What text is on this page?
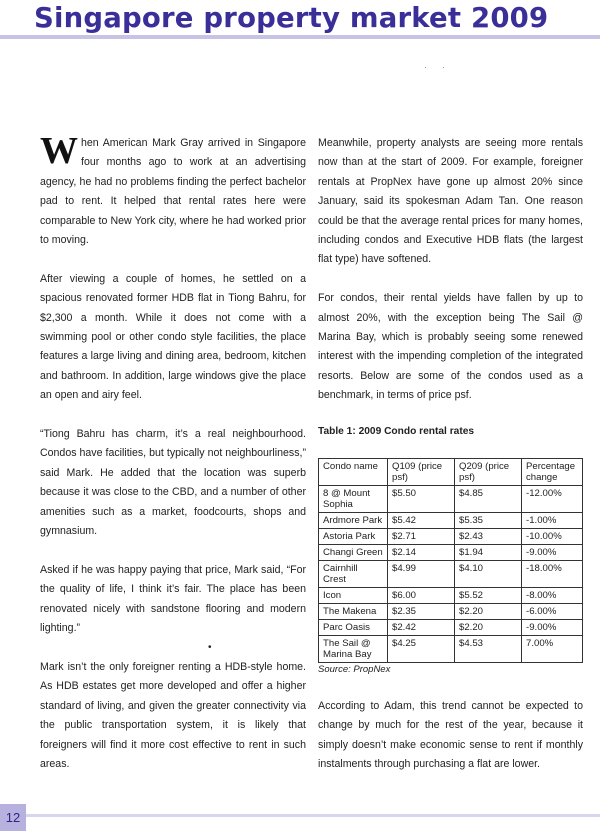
Singapore property market 2009
· ·

When American Mark Gray arrived in Singapore four months ago to work at an advertising agency, he had no problems finding the perfect bachelor pad to rent. It helped that rental rates here were comparable to New York city, where he had worked prior to moving.

After viewing a couple of homes, he settled on a spacious renovated former HDB flat in Tiong Bahru, for $2,300 a month. While it does not come with a swimming pool or other condo style facilities, the place features a large living and dining area, bedroom, kitchen and bathroom. In addition, large windows give the place an open and airy feel.

“Tiong Bahru has charm, it’s a real neighbourhood. Condos have facilities, but typically not neighbourliness,” said Mark. He added that the location was superb because it was close to the CBD, and a number of other amenities such as a market, foodcourts, shops and gymnasium.

Asked if he was happy paying that price, Mark said, “For the quality of life, I think it’s fair. The place has been renovated nicely with sandstone flooring and modern lighting.”

Mark isn’t the only foreigner renting a HDB-style home. As HDB estates get more developed and offer a higher standard of living, and given the greater connectivity via the public transportation system, it is likely that foreigners will find it more cost effective to rent in such areas.

•

Meanwhile, property analysts are seeing more rentals now than at the start of 2009. For example, foreigner rentals at PropNex have gone up almost 20% since January, said its spokesman Adam Tan. One reason could be that the average rental prices for many homes, including condos and Executive HDB flats (the largest flat type) have softened.

For condos, their rental yields have fallen by up to almost 20%, with the exception being The Sail @ Marina Bay, which is probably seeing some renewed interest with the impending completion of the integrated resorts. Below are some of the condos used as a benchmark, in terms of price psf.

Table 1: 2009 Condo rental rates

Condo name	Q109 (price psf)	Q209 (price psf)	Percentage change
8 @ Mount Sophia	$5.50	$4.85	-12.00%
Ardmore Park	$5.42	$5.35	-1.00%
Astoria Park	$2.71	$2.43	-10.00%
Changi Green	$2.14	$1.94	-9.00%
Cairnhill Crest	$4.99	$4.10	-18.00%
Icon	$6.00	$5.52	-8.00%
The Makena	$2.35	$2.20	-6.00%
Parc Oasis	$2.42	$2.20	-9.00%
The Sail @ Marina Bay	$4.25	$4.53	7.00%

Source: PropNex

According to Adam, this trend cannot be expected to change by much for the rest of the year, because it simply doesn’t make economic sense to rent if monthly instalments through purchasing a flat are lower.

12
